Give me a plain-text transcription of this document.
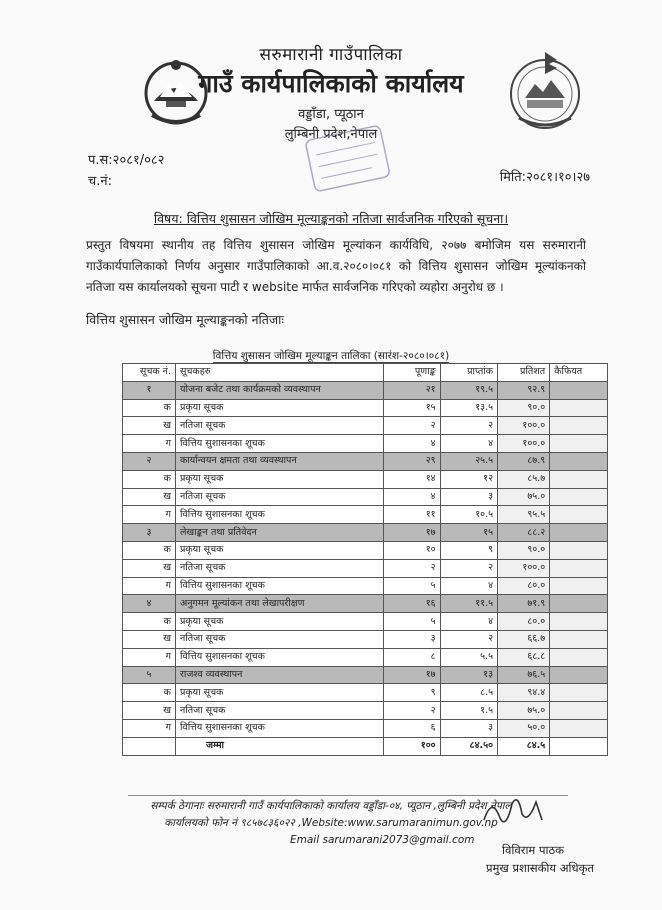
सरुमारानी गाउँपालिका
गाउँ कार्यपालिकाको कार्यालय
वड्डाँडा, प्यूठान
लुम्बिनी प्रदेश,नेपाल
प.स:२०८१/०८२
च.नं:	मिति:२०८१।१०।२७
विषय: वित्तिय शुसासन जोखिम मूल्याङ्कनको नतिजा सार्वजनिक गरिएको सूचना।
प्रस्तुत विषयमा स्थानीय तह वित्तिय शुसासन जोखिम मूल्यांकन कार्यविधि, २०७७ बमोजिम यस सरुमारानी गाउँकार्यपालिकाको निर्णय अनुसार गाउँपालिकाको आ.व.२०८०।०८१ को वित्तिय शुसासन जोखिम मूल्यांकनको नतिजा यस कार्यालयको सूचना पाटी र website मार्फत सार्वजनिक गरिएको व्यहोरा अनुरोध छ ।
वित्तिय शुसासन जोखिम मूल्याङ्कनको नतिजाः
वित्तिय शुसासन जोखिम मूल्याङ्कन तालिका (सारंश-२०८०।०८१)
सूचक नं.	सूचकहरु	पूणाङ्क	प्राप्तांक	प्रतिशत	कैफियत
१	योजना बजेट तथा कार्यक्रमको व्यवस्थापन	२१	१९.५	९२.९	
क	प्रकृया सूचक	१५	१३.५	९०.०	
ख	नतिजा सूचक	२	२	१००.०	
ग	वित्तिय सुशासनका शूचक	४	४	१००.०	
२	कार्यान्वयन क्षमता तथा व्यवस्थापन	२९	२५.५	८७.९	
क	प्रकृया सूचक	१४	१२	८५.७	
ख	नतिजा सूचक	४	३	७५.०	
ग	वित्तिय सुशासनका शूचक	११	१०.५	९५.५	
३	लेखाङ्कन तथा प्रतिवेदन	१७	१५	८८.२	
क	प्रकृया सूचक	१०	९	९०.०	
ख	नतिजा सूचक	२	२	१००.०	
ग	वित्तिय सुशासनका शूचक	५	४	८०.०	
४	अनुगमन मूल्यांकन तथा लेखापरीक्षण	१६	११.५	७१.९	
क	प्रकृया सूचक	५	४	८०.०	
ख	नतिजा सूचक	३	२	६६.७	
ग	वित्तिय सुशासनका शूचक	८	५.५	६८.८	
५	राजश्व व्यवस्थापन	१७	१३	७६.५	
क	प्रकृया सूचक	९	८.५	९४.४	
ख	नतिजा सूचक	२	१.५	७५.०	
ग	वित्तिय सुशासनका शूचक	६	३	५०.०	
	जम्मा	१००	८४.५०	८४.५	
सम्पर्क ठेगानाः सरुमारानी गाउँ कार्यपालिकाको कार्यालय वड्डाँडा-०४, प्यूठान ,लुम्बिनी प्रदेश नेपाल
कार्यालयको फोन नं ९८५७८३६०२२ ,Website:www.sarumaranimun.gov.np
Email sarumarani2073@gmail.com
विविराम पाठक
प्रमुख प्रशासकीय अधिकृत
